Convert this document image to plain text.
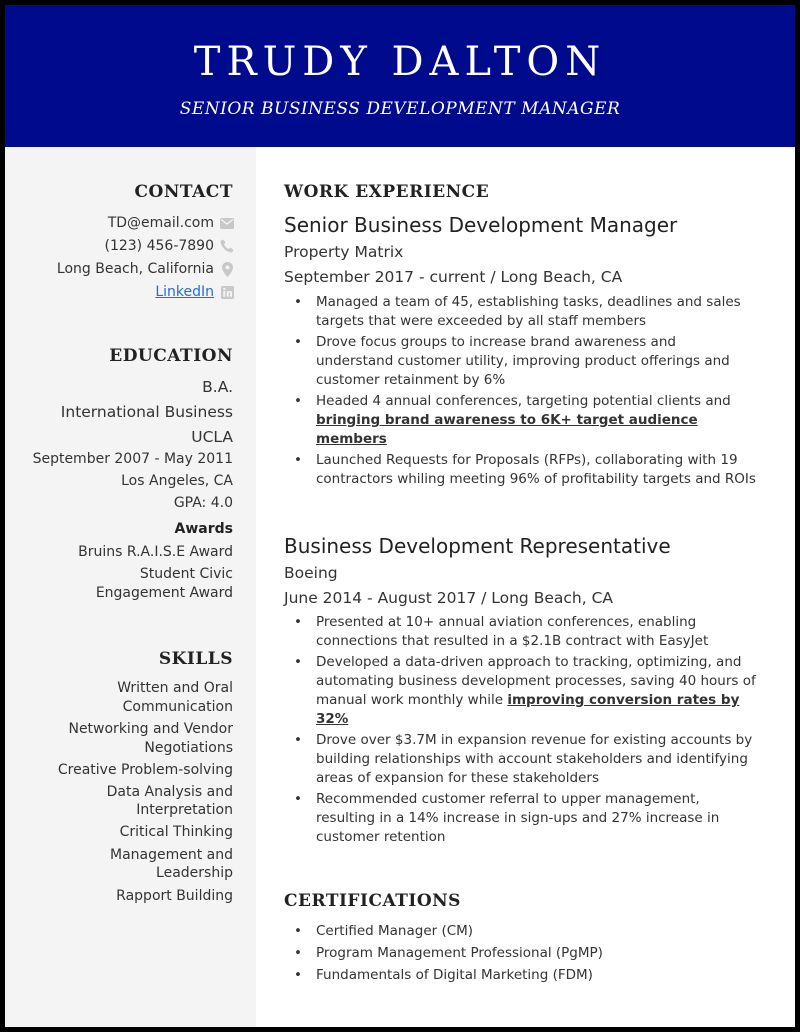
TRUDY DALTON
SENIOR BUSINESS DEVELOPMENT MANAGER
CONTACT
TD@email.com
(123) 456-7890
Long Beach, California
LinkedIn
EDUCATION
B.A.
International Business
UCLA
September 2007 - May 2011
Los Angeles, CA
GPA: 4.0
Awards
Bruins R.A.I.S.E Award
Student Civic
Engagement Award
SKILLS
Written and Oral
Communication
Networking and Vendor
Negotiations
Creative Problem-solving
Data Analysis and
Interpretation
Critical Thinking
Management and
Leadership
Rapport Building
WORK EXPERIENCE
Senior Business Development Manager
Property Matrix
September 2017 - current / Long Beach, CA
• Managed a team of 45, establishing tasks, deadlines and sales targets that were exceeded by all staff members
• Drove focus groups to increase brand awareness and understand customer utility, improving product offerings and customer retainment by 6%
• Headed 4 annual conferences, targeting potential clients and bringing brand awareness to 6K+ target audience members
• Launched Requests for Proposals (RFPs), collaborating with 19 contractors whiling meeting 96% of profitability targets and ROIs
Business Development Representative
Boeing
June 2014 - August 2017 / Long Beach, CA
• Presented at 10+ annual aviation conferences, enabling connections that resulted in a $2.1B contract with EasyJet
• Developed a data-driven approach to tracking, optimizing, and automating business development processes, saving 40 hours of manual work monthly while improving conversion rates by 32%
• Drove over $3.7M in expansion revenue for existing accounts by building relationships with account stakeholders and identifying areas of expansion for these stakeholders
• Recommended customer referral to upper management, resulting in a 14% increase in sign-ups and 27% increase in customer retention
CERTIFICATIONS
• Certified Manager (CM)
• Program Management Professional (PgMP)
• Fundamentals of Digital Marketing (FDM)
